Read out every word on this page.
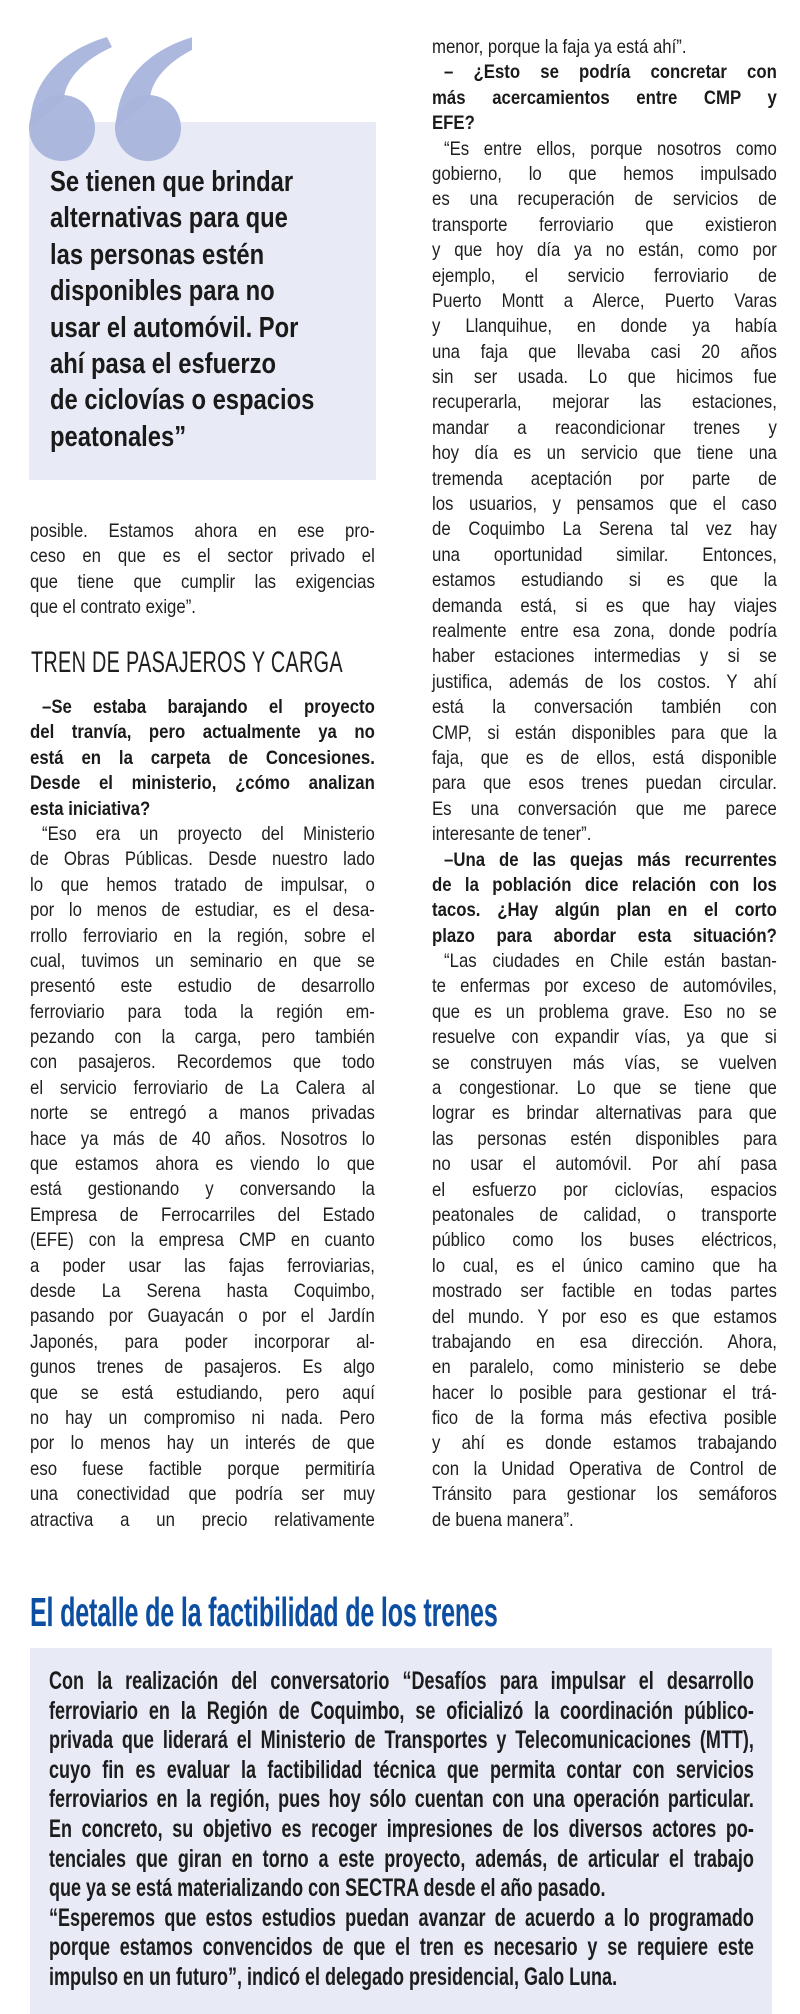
Se tienen que brindar
alternativas para que
las personas estén
disponibles para no
usar el automóvil. Por
ahí pasa el esfuerzo
de ciclovías o espacios
peatonales”
posible. Estamos ahora en ese pro-
ceso en que es el sector privado el
que tiene que cumplir las exigencias
que el contrato exige”.
TREN DE PASAJEROS Y CARGA
–Se estaba barajando el proyecto
del tranvía, pero actualmente ya no
está en la carpeta de Concesiones.
Desde el ministerio, ¿cómo analizan
esta iniciativa?
“Eso era un proyecto del Ministerio
de Obras Públicas. Desde nuestro lado
lo que hemos tratado de impulsar, o
por lo menos de estudiar, es el desa-
rrollo ferroviario en la región, sobre el
cual, tuvimos un seminario en que se
presentó este estudio de desarrollo
ferroviario para toda la región em-
pezando con la carga, pero también
con pasajeros. Recordemos que todo
el servicio ferroviario de La Calera al
norte se entregó a manos privadas
hace ya más de 40 años. Nosotros lo
que estamos ahora es viendo lo que
está gestionando y conversando la
Empresa de Ferrocarriles del Estado
(EFE) con la empresa CMP en cuanto
a poder usar las fajas ferroviarias,
desde La Serena hasta Coquimbo,
pasando por Guayacán o por el Jardín
Japonés, para poder incorporar al-
gunos trenes de pasajeros. Es algo
que se está estudiando, pero aquí
no hay un compromiso ni nada. Pero
por lo menos hay un interés de que
eso fuese factible porque permitiría
una conectividad que podría ser muy
atractiva a un precio relativamente
menor, porque la faja ya está ahí”.
– ¿Esto se podría concretar con
más acercamientos entre CMP y
EFE?
“Es entre ellos, porque nosotros como
gobierno, lo que hemos impulsado
es una recuperación de servicios de
transporte ferroviario que existieron
y que hoy día ya no están, como por
ejemplo, el servicio ferroviario de
Puerto Montt a Alerce, Puerto Varas
y Llanquihue, en donde ya había
una faja que llevaba casi 20 años
sin ser usada. Lo que hicimos fue
recuperarla, mejorar las estaciones,
mandar a reacondicionar trenes y
hoy día es un servicio que tiene una
tremenda aceptación por parte de
los usuarios, y pensamos que el caso
de Coquimbo La Serena tal vez hay
una oportunidad similar. Entonces,
estamos estudiando si es que la
demanda está, si es que hay viajes
realmente entre esa zona, donde podría
haber estaciones intermedias y si se
justifica, además de los costos. Y ahí
está la conversación también con
CMP, si están disponibles para que la
faja, que es de ellos, está disponible
para que esos trenes puedan circular.
Es una conversación que me parece
interesante de tener”.
–Una de las quejas más recurrentes
de la población dice relación con los
tacos. ¿Hay algún plan en el corto
plazo para abordar esta situación?
“Las ciudades en Chile están bastan-
te enfermas por exceso de automóviles,
que es un problema grave. Eso no se
resuelve con expandir vías, ya que si
se construyen más vías, se vuelven
a congestionar. Lo que se tiene que
lograr es brindar alternativas para que
las personas estén disponibles para
no usar el automóvil. Por ahí pasa
el esfuerzo por ciclovías, espacios
peatonales de calidad, o transporte
público como los buses eléctricos,
lo cual, es el único camino que ha
mostrado ser factible en todas partes
del mundo. Y por eso es que estamos
trabajando en esa dirección. Ahora,
en paralelo, como ministerio se debe
hacer lo posible para gestionar el trá-
fico de la forma más efectiva posible
y ahí es donde estamos trabajando
con la Unidad Operativa de Control de
Tránsito para gestionar los semáforos
de buena manera”.
El detalle de la factibilidad de los trenes
Con la realización del conversatorio “Desafíos para impulsar el desarrollo
ferroviario en la Región de Coquimbo, se oficializó la coordinación público-
privada que liderará el Ministerio de Transportes y Telecomunicaciones (MTT),
cuyo fin es evaluar la factibilidad técnica que permita contar con servicios
ferroviarios en la región, pues hoy sólo cuentan con una operación particular.
En concreto, su objetivo es recoger impresiones de los diversos actores po-
tenciales que giran en torno a este proyecto, además, de articular el trabajo
que ya se está materializando con SECTRA desde el año pasado.
“Esperemos que estos estudios puedan avanzar de acuerdo a lo programado
porque estamos convencidos de que el tren es necesario y se requiere este
impulso en un futuro”, indicó el delegado presidencial, Galo Luna.
